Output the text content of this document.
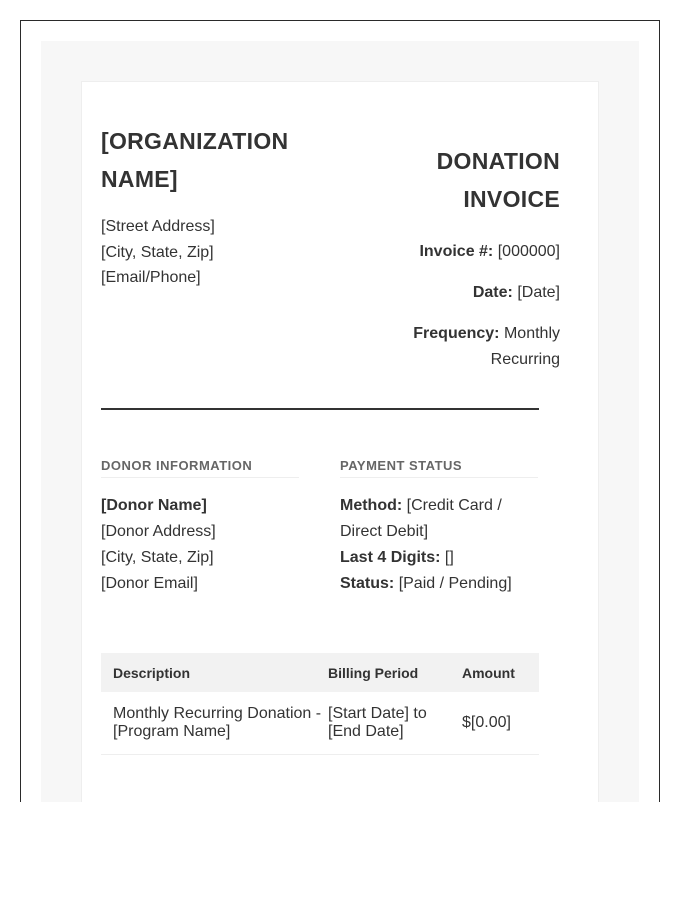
[ORGANIZATION NAME]
[Street Address]
[City, State, Zip]
[Email/Phone]
DONATION INVOICE
Invoice #: [000000]
Date: [Date]
Frequency: Monthly Recurring
DONOR INFORMATION
[Donor Name]
[Donor Address]
[City, State, Zip]
[Donor Email]
PAYMENT STATUS
Method: [Credit Card / Direct Debit]
Last 4 Digits: []
Status: [Paid / Pending]
Description	Billing Period	Amount
Monthly Recurring Donation - [Program Name]
[Start Date] to [End Date]
$[0.00]
